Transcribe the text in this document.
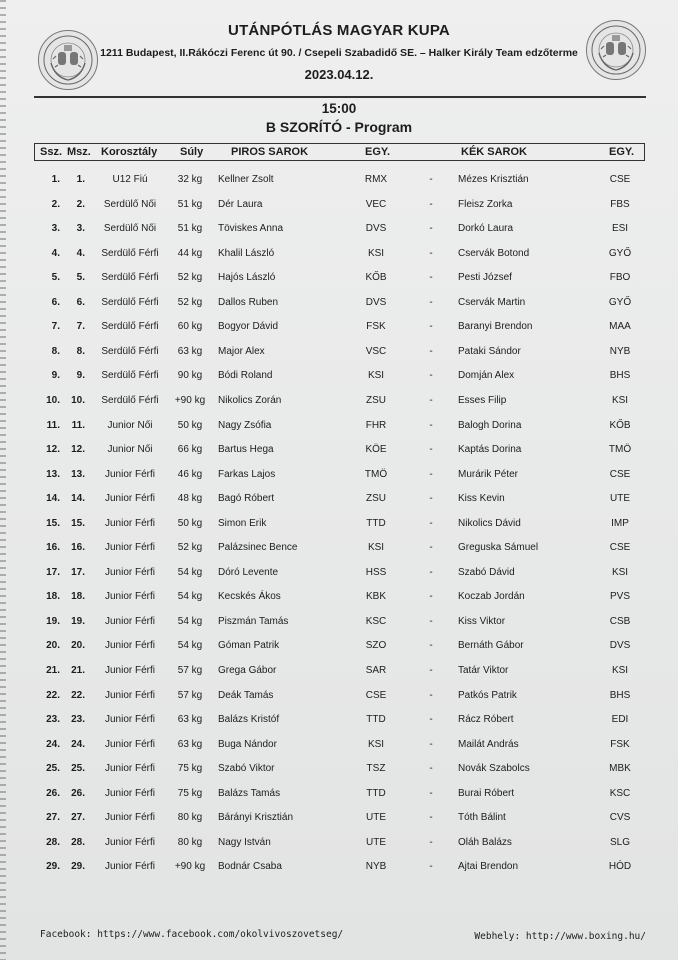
UTÁNPÓTLÁS MAGYAR KUPA
1211 Budapest, II.Rákóczi Ferenc út 90. / Csepeli Szabadidő SE. – Halker Király Team edzőterme
2023.04.12.
15:00
B SZORÍTÓ - Program
Ssz. Msz. Korosztály Súly	PIROS SAROK	EGY.	KÉK SAROK	EGY.
1.	1.	U12 Fiú	32 kg	Kellner Zsolt	RMX	-	Mézes Krisztián	CSE
2.	2.	Serdülő Női	51 kg	Dér Laura	VEC	-	Fleisz Zorka	FBS
3.	3.	Serdülő Női	51 kg	Töviskes Anna	DVS	-	Dorkó Laura	ESI
4.	4.	Serdülő Férfi	44 kg	Khalil László	KSI	-	Cservák Botond	GYŐ
5.	5.	Serdülő Férfi	52 kg	Hajós László	KŐB	-	Pesti József	FBO
6.	6.	Serdülő Férfi	52 kg	Dallos Ruben	DVS	-	Cservák Martin	GYŐ
7.	7.	Serdülő Férfi	60 kg	Bogyor Dávid	FSK	-	Baranyi Brendon	MAA
8.	8.	Serdülő Férfi	63 kg	Major Alex	VSC	-	Pataki Sándor	NYB
9.	9.	Serdülő Férfi	90 kg	Bódi Roland	KSI	-	Domján Alex	BHS
10.	10.	Serdülő Férfi	+90 kg	Nikolics Zorán	ZSU	-	Esses Filip	KSI
11.	11.	Junior Női	50 kg	Nagy Zsófia	FHR	-	Balogh Dorina	KŐB
12.	12.	Junior Női	66 kg	Bartus Hega	KÖE	-	Kaptás Dorina	TMÖ
13.	13.	Junior Férfi	46 kg	Farkas Lajos	TMÖ	-	Murárik Péter	CSE
14.	14.	Junior Férfi	48 kg	Bagó Róbert	ZSU	-	Kiss Kevin	UTE
15.	15.	Junior Férfi	50 kg	Simon Erik	TTD	-	Nikolics Dávid	IMP
16.	16.	Junior Férfi	52 kg	Palázsinec Bence	KSI	-	Greguska Sámuel	CSE
17.	17.	Junior Férfi	54 kg	Dóró Levente	HSS	-	Szabó Dávid	KSI
18.	18.	Junior Férfi	54 kg	Kecskés Ákos	KBK	-	Koczab Jordán	PVS
19.	19.	Junior Férfi	54 kg	Piszmán Tamás	KSC	-	Kiss Viktor	CSB
20.	20.	Junior Férfi	54 kg	Góman Patrik	SZO	-	Bernáth Gábor	DVS
21.	21.	Junior Férfi	57 kg	Grega Gábor	SAR	-	Tatár Viktor	KSI
22.	22.	Junior Férfi	57 kg	Deák Tamás	CSE	-	Patkós Patrik	BHS
23.	23.	Junior Férfi	63 kg	Balázs Kristóf	TTD	-	Rácz Róbert	EDI
24.	24.	Junior Férfi	63 kg	Buga Nándor	KSI	-	Mailát András	FSK
25.	25.	Junior Férfi	75 kg	Szabó Viktor	TSZ	-	Novák Szabolcs	MBK
26.	26.	Junior Férfi	75 kg	Balázs Tamás	TTD	-	Burai Róbert	KSC
27.	27.	Junior Férfi	80 kg	Bárányi Krisztián	UTE	-	Tóth Bálint	CVS
28.	28.	Junior Férfi	80 kg	Nagy István	UTE	-	Oláh Balázs	SLG
29.	29.	Junior Férfi	+90 kg	Bodnár Csaba	NYB	-	Ajtai Brendon	HÓD
Facebook: https://www.facebook.com/okolvivoszovetseg/	Webhely: http://www.boxing.hu/
